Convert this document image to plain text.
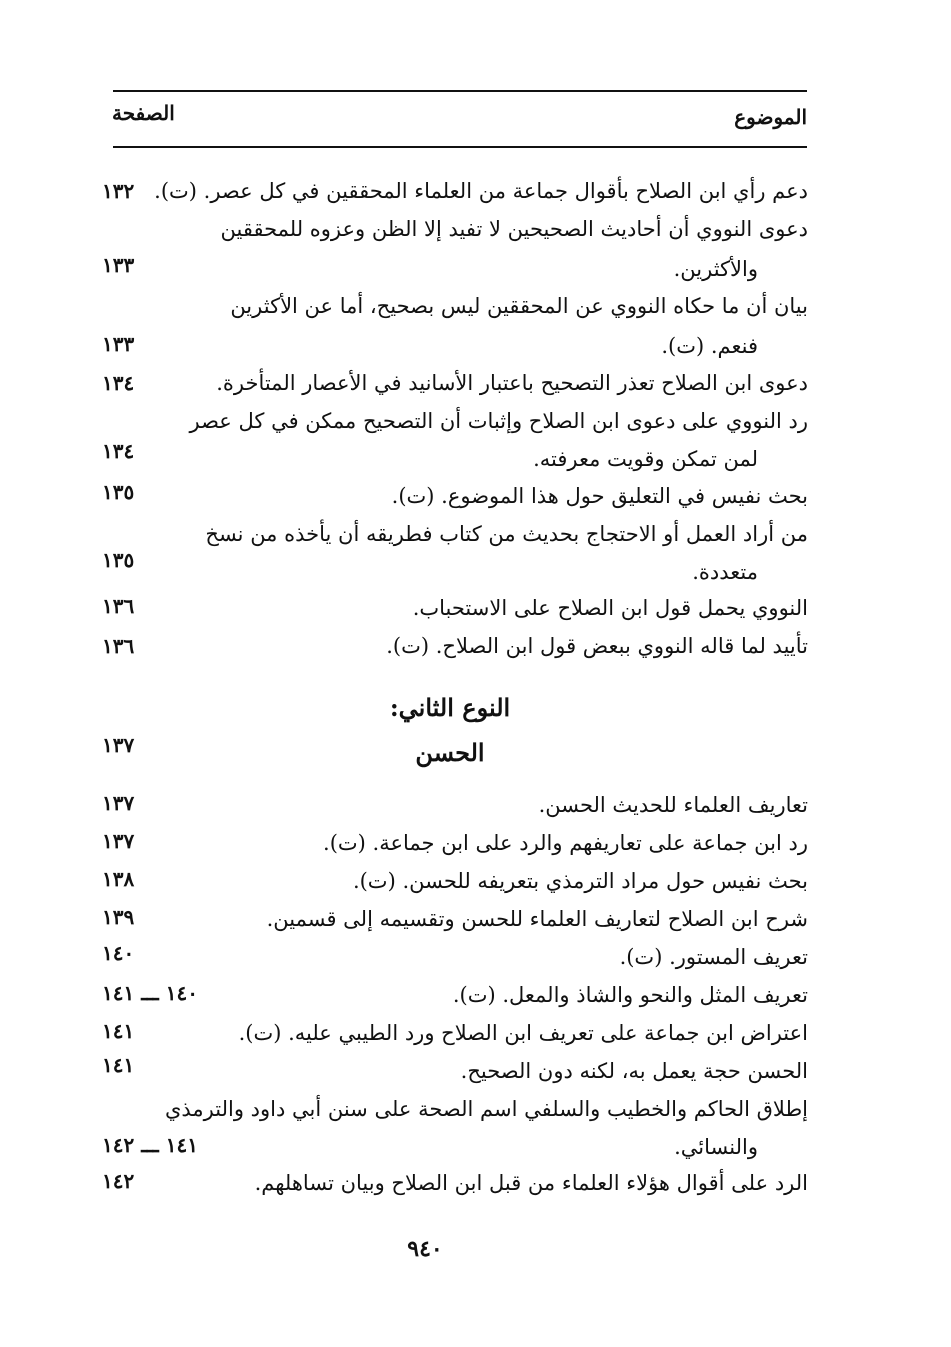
الموضوع
الصفحة
دعم رأي ابن الصلاح بأقوال جماعة من العلماء المحققين في كل عصر. (ت).
١٣٢
دعوى النووي أن أحاديث الصحيحين لا تفيد إلا الظن وعزوه للمحققين
والأكثرين.
١٣٣
بيان أن ما حكاه النووي عن المحققين ليس بصحيح، أما عن الأكثرين
فنعم. (ت).
١٣٣
دعوى ابن الصلاح تعذر التصحيح باعتبار الأسانيد في الأعصار المتأخرة.
١٣٤
رد النووي على دعوى ابن الصلاح وإثبات أن التصحيح ممكن في كل عصر
لمن تمكن وقويت معرفته.
١٣٤
بحث نفيس في التعليق حول هذا الموضوع. (ت).
١٣٥
من أراد العمل أو الاحتجاج بحديث من كتاب فطريقه أن يأخذه من نسخ
متعددة.
١٣٥
النووي يحمل قول ابن الصلاح على الاستحباب.
١٣٦
تأييد لما قاله النووي ببعض قول ابن الصلاح. (ت).
١٣٦
النوع الثاني:
الحسن
١٣٧
تعاريف العلماء للحديث الحسن.
١٣٧
رد ابن جماعة على تعاريفهم والرد على ابن جماعة. (ت).
١٣٧
بحث نفيس حول مراد الترمذي بتعريفه للحسن. (ت).
١٣٨
شرح ابن الصلاح لتعاريف العلماء للحسن وتقسيمه إلى قسمين.
١٣٩
تعريف المستور. (ت).
١٤٠
تعريف المثل والنحو والشاذ والمعل. (ت).
١٤٠ ـــ ١٤١
اعتراض ابن جماعة على تعريف ابن الصلاح ورد الطيبي عليه. (ت).
١٤١
الحسن حجة يعمل به، لكنه دون الصحيح.
١٤١
إطلاق الحاكم والخطيب والسلفي اسم الصحة على سنن أبي داود والترمذي
والنسائي.
١٤١ ـــ ١٤٢
الرد على أقوال هؤلاء العلماء من قبل ابن الصلاح وبيان تساهلهم.
١٤٢
٩٤٠
